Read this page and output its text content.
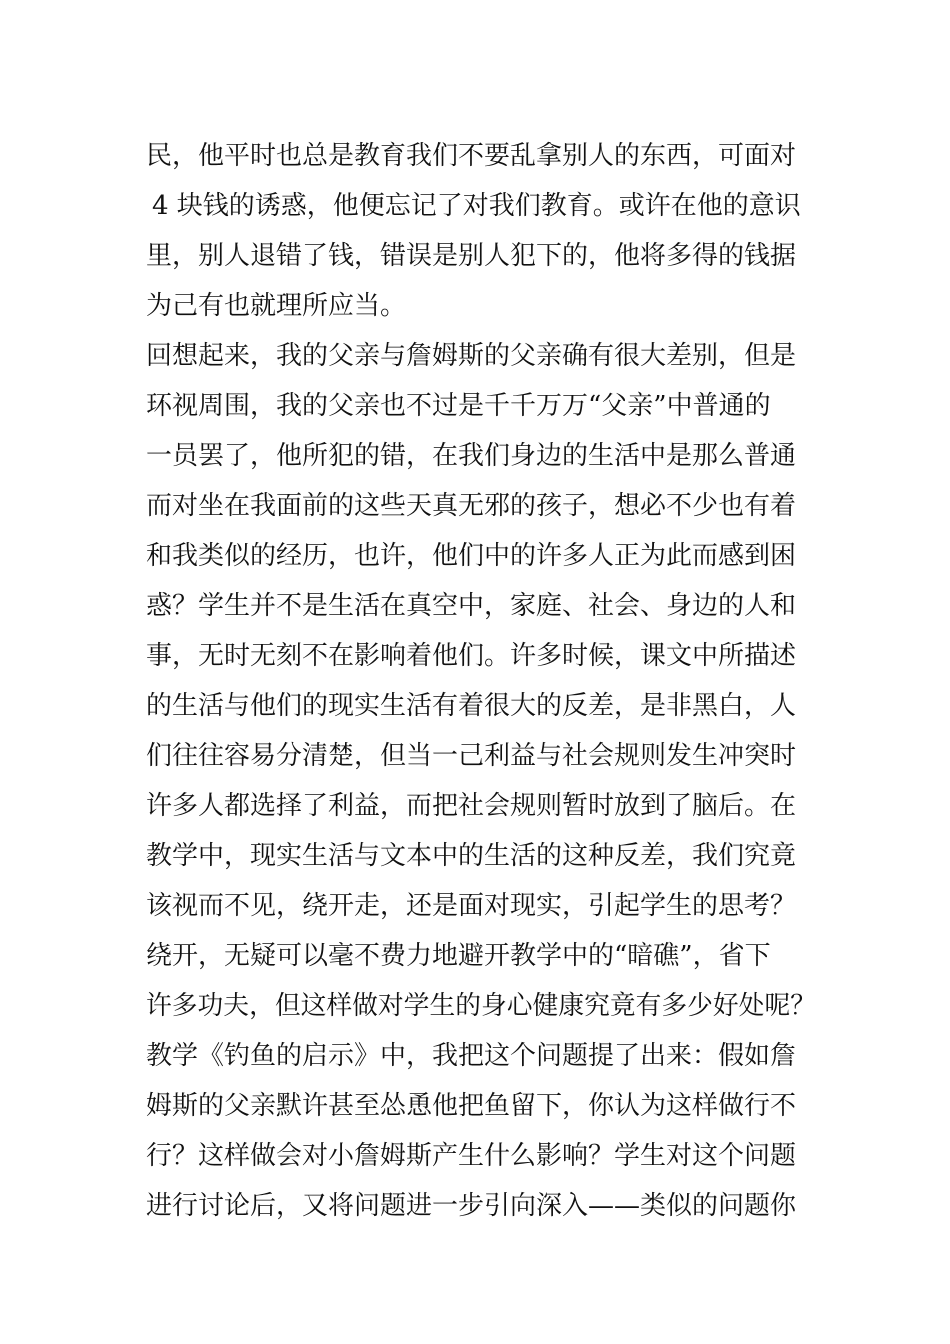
民，他平时也总是教育我们不要乱拿别人的东西，可面对
4 块钱的诱惑，他便忘记了对我们教育。或许在他的意识
里，别人退错了钱，错误是别人犯下的，他将多得的钱据
为己有也就理所应当。
回想起来，我的父亲与詹姆斯的父亲确有很大差别，但是
环视周围，我的父亲也不过是千千万万“父亲”中普通的
一员罢了，他所犯的错，在我们身边的生活中是那么普通
而对坐在我面前的这些天真无邪的孩子，想必不少也有着
和我类似的经历，也许，他们中的许多人正为此而感到困
惑？学生并不是生活在真空中，家庭、社会、身边的人和
事，无时无刻不在影响着他们。许多时候，课文中所描述
的生活与他们的现实生活有着很大的反差，是非黑白，人
们往往容易分清楚，但当一己利益与社会规则发生冲突时
许多人都选择了利益，而把社会规则暂时放到了脑后。在
教学中，现实生活与文本中的生活的这种反差，我们究竟
该视而不见，绕开走，还是面对现实，引起学生的思考？
绕开，无疑可以毫不费力地避开教学中的“暗礁”，省下
许多功夫，但这样做对学生的身心健康究竟有多少好处呢？
教学《钓鱼的启示》中，我把这个问题提了出来：假如詹
姆斯的父亲默许甚至怂恿他把鱼留下，你认为这样做行不
行？这样做会对小詹姆斯产生什么影响？学生对这个问题
进行讨论后，又将问题进一步引向深入——类似的问题你
